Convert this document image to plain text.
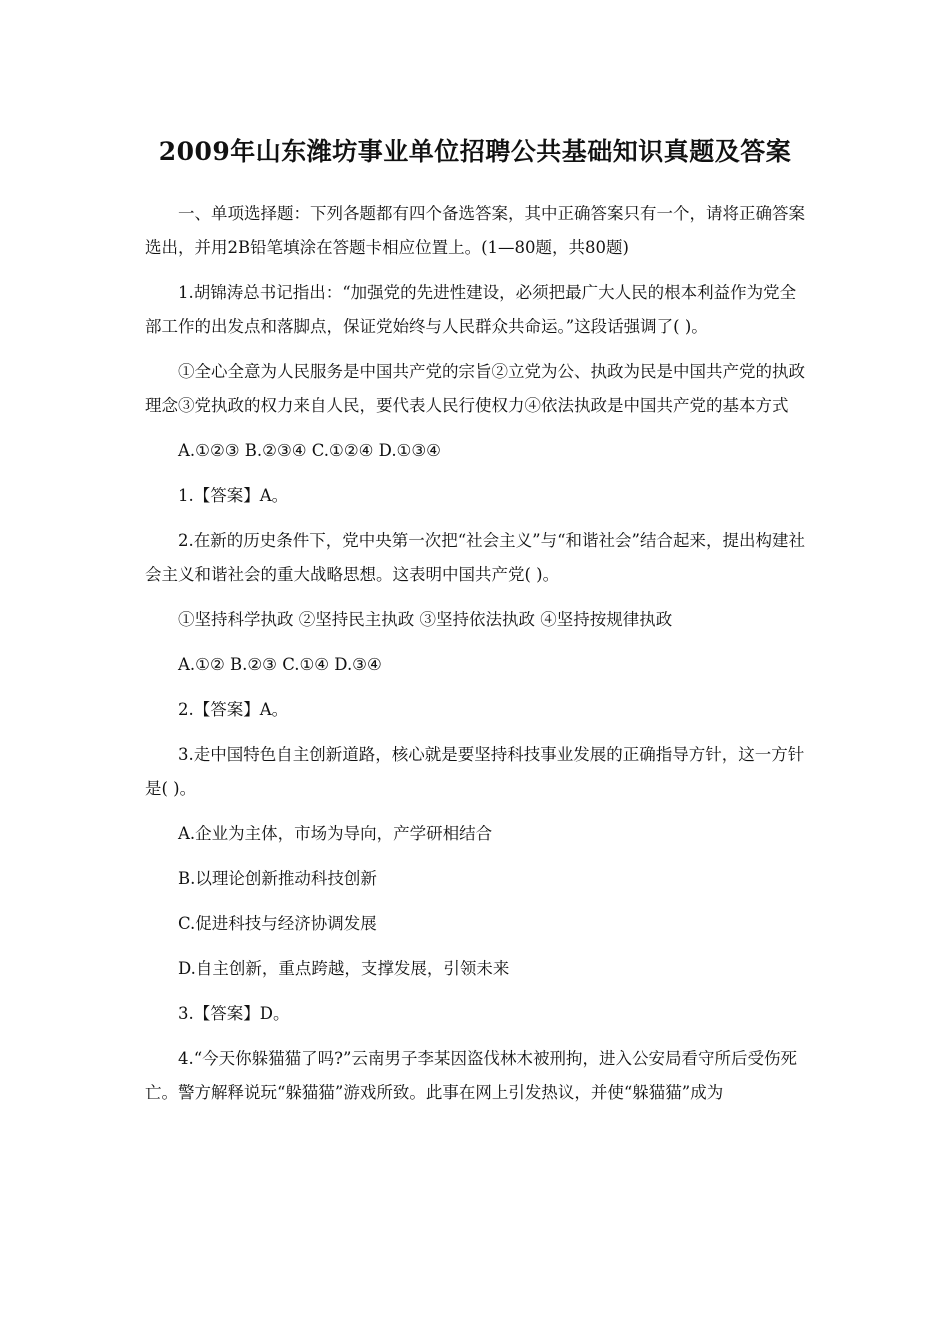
2009年山东潍坊事业单位招聘公共基础知识真题及答案

一、单项选择题：下列各题都有四个备选答案，其中正确答案只有一个，请将正确答案选出，并用2B铅笔填涂在答题卡相应位置上。(1—80题，共80题)

1.胡锦涛总书记指出：“加强党的先进性建设，必须把最广大人民的根本利益作为党全部工作的出发点和落脚点，保证党始终与人民群众共命运。”这段话强调了( )。

①全心全意为人民服务是中国共产党的宗旨②立党为公、执政为民是中国共产党的执政理念③党执政的权力来自人民，要代表人民行使权力④依法执政是中国共产党的基本方式

A.①②③ B.②③④ C.①②④ D.①③④

1.【答案】A。

2.在新的历史条件下，党中央第一次把“社会主义”与“和谐社会”结合起来，提出构建社会主义和谐社会的重大战略思想。这表明中国共产党( )。

①坚持科学执政 ②坚持民主执政 ③坚持依法执政 ④坚持按规律执政

A.①② B.②③ C.①④ D.③④

2.【答案】A。

3.走中国特色自主创新道路，核心就是要坚持科技事业发展的正确指导方针，这一方针是( )。

A.企业为主体，市场为导向，产学研相结合

B.以理论创新推动科技创新

C.促进科技与经济协调发展

D.自主创新，重点跨越，支撑发展，引领未来

3.【答案】D。

4.“今天你躲猫猫了吗?”云南男子李某因盗伐林木被刑拘，进入公安局看守所后受伤死亡。警方解释说玩“躲猫猫”游戏所致。此事在网上引发热议，并使“躲猫猫”成为
